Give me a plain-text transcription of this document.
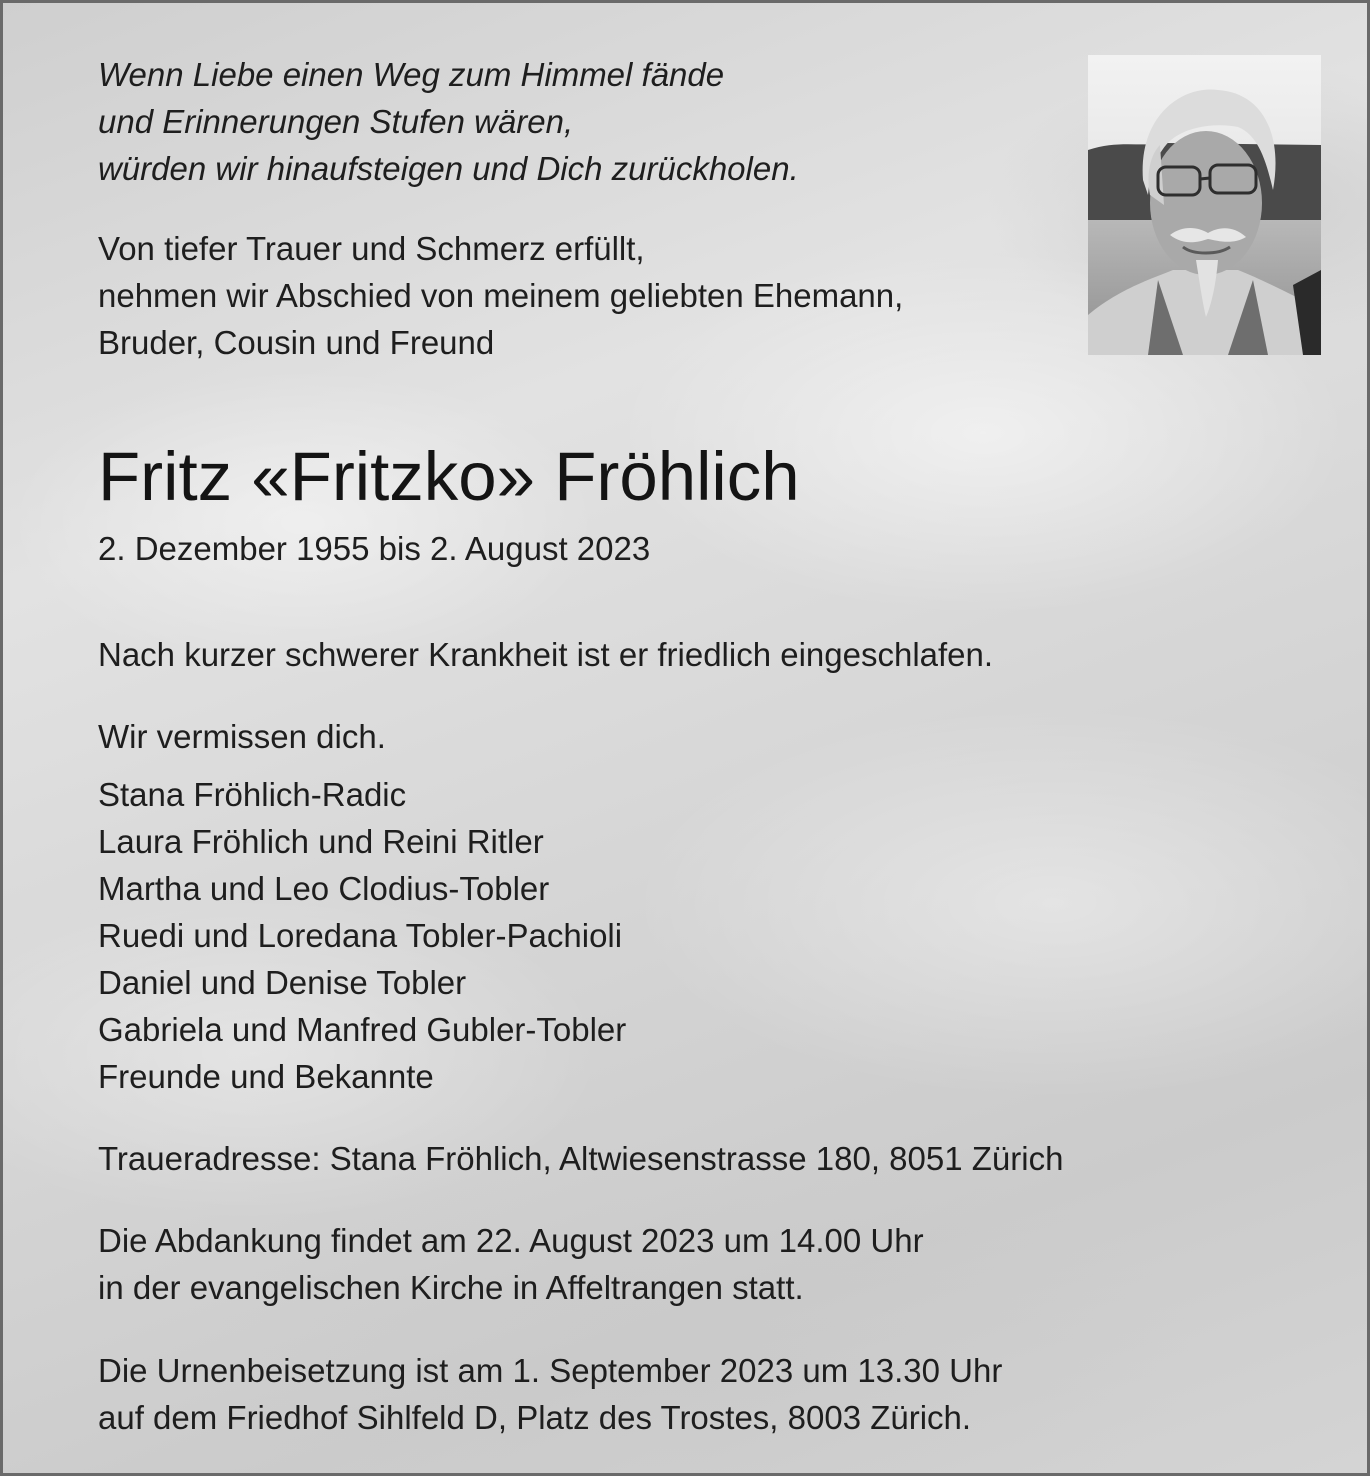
Wenn Liebe einen Weg zum Himmel fände
und Erinnerungen Stufen wären,
würden wir hinaufsteigen und Dich zurückholen.
Von tiefer Trauer und Schmerz erfüllt,
nehmen wir Abschied von meinem geliebten Ehemann,
Bruder, Cousin und Freund
Fritz «Fritzko» Fröhlich
2. Dezember 1955 bis 2. August 2023
Nach kurzer schwerer Krankheit ist er friedlich eingeschlafen.
Wir vermissen dich.
Stana Fröhlich-Radic
Laura Fröhlich und Reini Ritler
Martha und Leo Clodius-Tobler
Ruedi und Loredana Tobler-Pachioli
Daniel und Denise Tobler
Gabriela und Manfred Gubler-Tobler
Freunde und Bekannte
Traueradresse: Stana Fröhlich, Altwiesenstrasse 180, 8051 Zürich
Die Abdankung findet am 22. August 2023 um 14.00 Uhr
in der evangelischen Kirche in Affeltrangen statt.
Die Urnenbeisetzung ist am 1. September 2023 um 13.30 Uhr
auf dem Friedhof Sihlfeld D, Platz des Trostes, 8003 Zürich.
